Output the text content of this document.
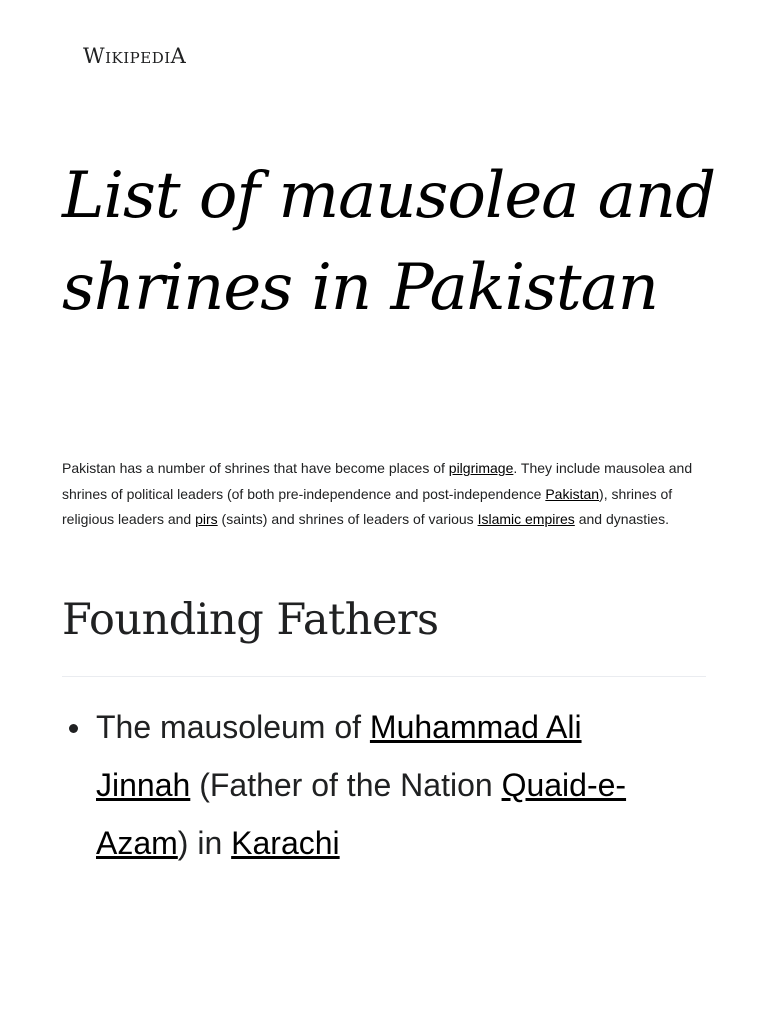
WIKIPEDIA
List of mausolea and shrines in Pakistan

Pakistan has a number of shrines that have become places of pilgrimage. They include mausolea and shrines of political leaders (of both pre-independence and post-independence Pakistan), shrines of religious leaders and pirs (saints) and shrines of leaders of various Islamic empires and dynasties.

Founding Fathers
The mausoleum of Muhammad Ali Jinnah (Father of the Nation Quaid-e-Azam) in Karachi
